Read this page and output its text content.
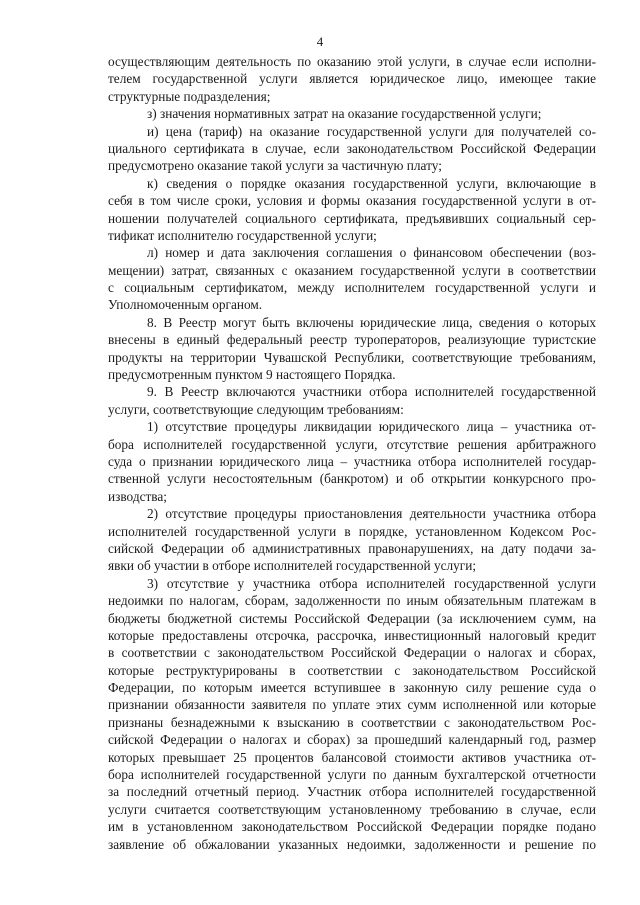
4
осуществляющим деятельность по оказанию этой услуги, в случае если исполни-
телем государственной услуги является юридическое лицо, имеющее такие
структурные подразделения;
з) значения нормативных затрат на оказание государственной услуги;
и) цена (тариф) на оказание государственной услуги для получателей со-
циального сертификата в случае, если законодательством Российской Федерации
предусмотрено оказание такой услуги за частичную плату;
к) сведения о порядке оказания государственной услуги, включающие в
себя в том числе сроки, условия и формы оказания государственной услуги в от-
ношении получателей социального сертификата, предъявивших социальный сер-
тификат исполнителю государственной услуги;
л) номер и дата заключения соглашения о финансовом обеспечении (воз-
мещении) затрат, связанных с оказанием государственной услуги в соответствии
с социальным сертификатом, между исполнителем государственной услуги и
Уполномоченным органом.
8. В Реестр могут быть включены юридические лица, сведения о которых
внесены в единый федеральный реестр туроператоров, реализующие туристские
продукты на территории Чувашской Республики, соответствующие требованиям,
предусмотренным пунктом 9 настоящего Порядка.
9. В Реестр включаются участники отбора исполнителей государственной
услуги, соответствующие следующим требованиям:
1) отсутствие процедуры ликвидации юридического лица – участника от-
бора исполнителей государственной услуги, отсутствие решения арбитражного
суда о признании юридического лица – участника отбора исполнителей государ-
ственной услуги несостоятельным (банкротом) и об открытии конкурсного про-
изводства;
2) отсутствие процедуры приостановления деятельности участника отбора
исполнителей государственной услуги в порядке, установленном Кодексом Рос-
сийской Федерации об административных правонарушениях, на дату подачи за-
явки об участии в отборе исполнителей государственной услуги;
3) отсутствие у участника отбора исполнителей государственной услуги
недоимки по налогам, сборам, задолженности по иным обязательным платежам в
бюджеты бюджетной системы Российской Федерации (за исключением сумм, на
которые предоставлены отсрочка, рассрочка, инвестиционный налоговый кредит
в соответствии с законодательством Российской Федерации о налогах и сборах,
которые реструктурированы в соответствии с законодательством Российской
Федерации, по которым имеется вступившее в законную силу решение суда о
признании обязанности заявителя по уплате этих сумм исполненной или которые
признаны безнадежными к взысканию в соответствии с законодательством Рос-
сийской Федерации о налогах и сборах) за прошедший календарный год, размер
которых превышает 25 процентов балансовой стоимости активов участника от-
бора исполнителей государственной услуги по данным бухгалтерской отчетности
за последний отчетный период. Участник отбора исполнителей государственной
услуги считается соответствующим установленному требованию в случае, если
им в установленном законодательством Российской Федерации порядке подано
заявление об обжаловании указанных недоимки, задолженности и решение по
